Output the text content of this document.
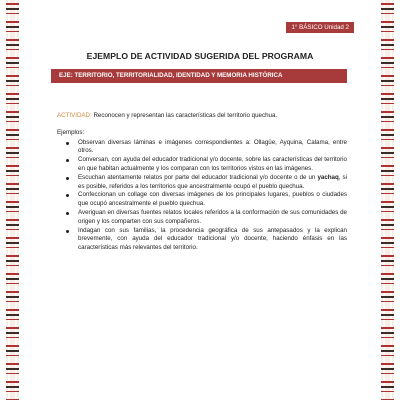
1° BÁSICO Unidad 2
EJEMPLO DE ACTIVIDAD SUGERIDA DEL PROGRAMA
EJE: TERRITORIO, TERRITORIALIDAD, IDENTIDAD Y MEMORIA HISTÓRICA
ACTIVIDAD: Reconocen y representan las características del territorio quechua.
Ejemplos:
Observan diversas láminas e imágenes correspondientes a: Ollagüe, Ayquina, Calama, entre otros.
Conversan, con ayuda del educador tradicional y/o docente, sobre las características del territorio en que habitan actualmente y los comparan con los territorios vistos en las imágenes.
Escuchan atentamente relatos por parte del educador tradicional y/o docente o de un yachaq, si es posible, referidos a los territorios que ancestralmente ocupó el pueblo quechua.
Confeccionan un collage con diversas imágenes de los principales lugares, pueblos o ciudades que ocupó ancestralmente el pueblo quechua.
Averiguan en diversas fuentes relatos locales referidos a la conformación de sus comunidades de origen y los comparten con sus compañeros.
Indagan con sus familias, la procedencia geográfica de sus antepasados y la explican brevemente, con ayuda del educador tradicional y/o docente, haciendo énfasis en las características más relevantes del territorio.
